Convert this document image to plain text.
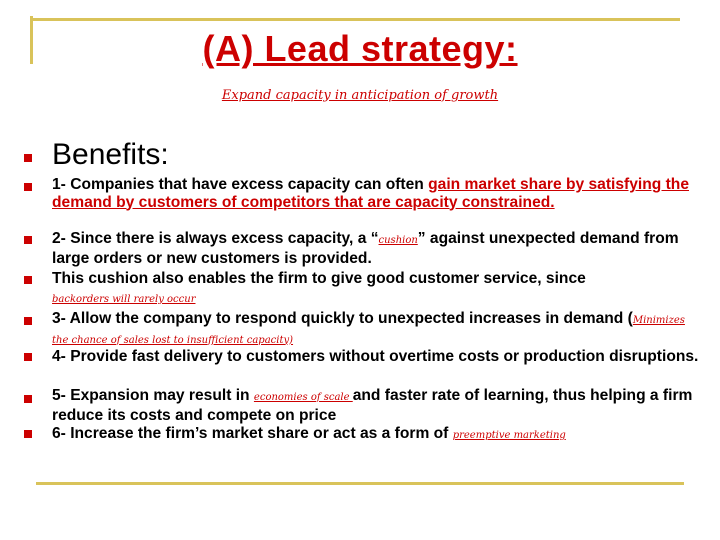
(A) Lead strategy:
Expand capacity in anticipation of growth
Benefits:
1- Companies that have excess capacity can often gain market share by satisfying the demand by customers of competitors that are capacity constrained.
2- Since there is always excess capacity, a “cushion” against unexpected demand from large orders or new customers is provided.
This cushion also enables the firm to give good customer service, since
backorders will rarely occur
3- Allow the company to respond quickly to unexpected increases in demand (Minimizes the chance of sales lost to insufficient capacity)
4- Provide fast delivery to customers without overtime costs or production disruptions.
5- Expansion may result in economies of scale and faster rate of learning, thus helping a firm reduce its costs and compete on price
6- Increase the firm’s market share or act as a form of preemptive marketing
